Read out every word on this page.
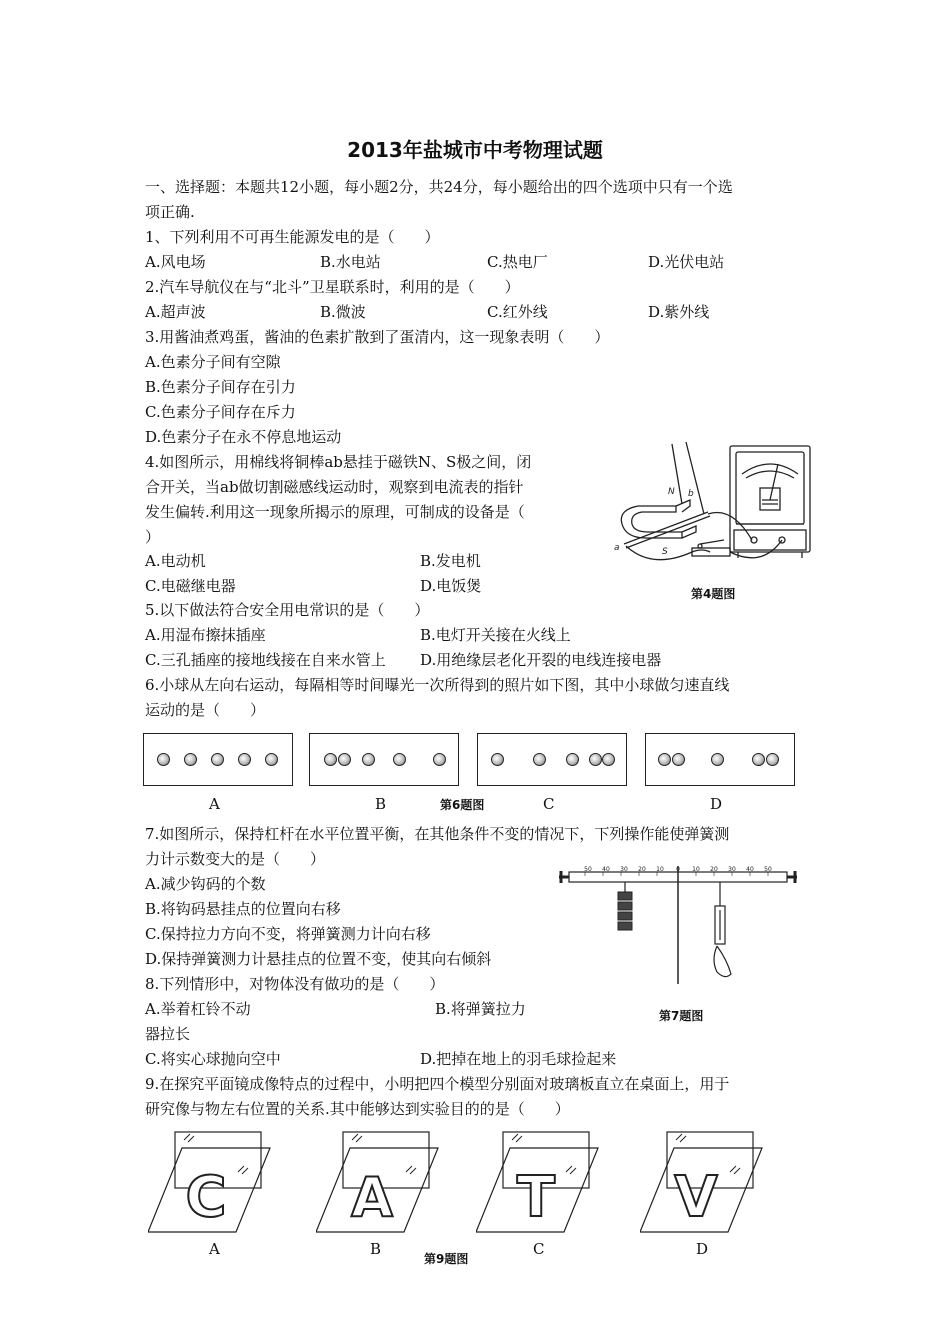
2013年盐城市中考物理试题
一、选择题：本题共12小题，每小题2分，共24分，每小题给出的四个选项中只有一个选
项正确.
1、下列利用不可再生能源发电的是（　　）
A.风电场	B.水电站	C.热电厂	D.光伏电站
2.汽车导航仪在与“北斗”卫星联系时，利用的是（　　）
A.超声波	B.微波	C.红外线	D.紫外线
3.用酱油煮鸡蛋，酱油的色素扩散到了蛋清内，这一现象表明（　　）
A.色素分子间有空隙
B.色素分子间存在引力
C.色素分子间存在斥力
D.色素分子在永不停息地运动
4.如图所示，用棉线将铜棒ab悬挂于磁铁N、S极之间，闭
合开关，当ab做切割磁感线运动时，观察到电流表的指针
发生偏转.利用这一现象所揭示的原理，可制成的设备是（
）
A.电动机	B.发电机
C.电磁继电器	D.电饭煲
N
S
a
b
第4题图
5.以下做法符合安全用电常识的是（　　）
A.用湿布擦抹插座	B.电灯开关接在火线上
C.三孔插座的接地线接在自来水管上 D.用绝缘层老化开裂的电线连接电器
6.小球从左向右运动，每隔相等时间曝光一次所得到的照片如下图，其中小球做匀速直线
运动的是（　　）
A	B	第6题图	C	D
7.如图所示，保持杠杆在水平位置平衡，在其他条件不变的情况下，下列操作能使弹簧测
力计示数变大的是（　　）
A.减少钩码的个数
B.将钩码悬挂点的位置向右移
C.保持拉力方向不变，将弹簧测力计向右移
D.保持弹簧测力计悬挂点的位置不变，使其向右倾斜
50 40 30 20 10 0 10 20 30 40 50
第7题图
8.下列情形中，对物体没有做功的是（　　）
A.举着杠铃不动	B.将弹簧拉力
器拉长
C.将实心球抛向空中	D.把掉在地上的羽毛球捡起来
9.在探究平面镜成像特点的过程中，小明把四个模型分别面对玻璃板直立在桌面上，用于
研究像与物左右位置的关系.其中能够达到实验目的的是（　　）
C A T V
A	B	C	D
第9题图
